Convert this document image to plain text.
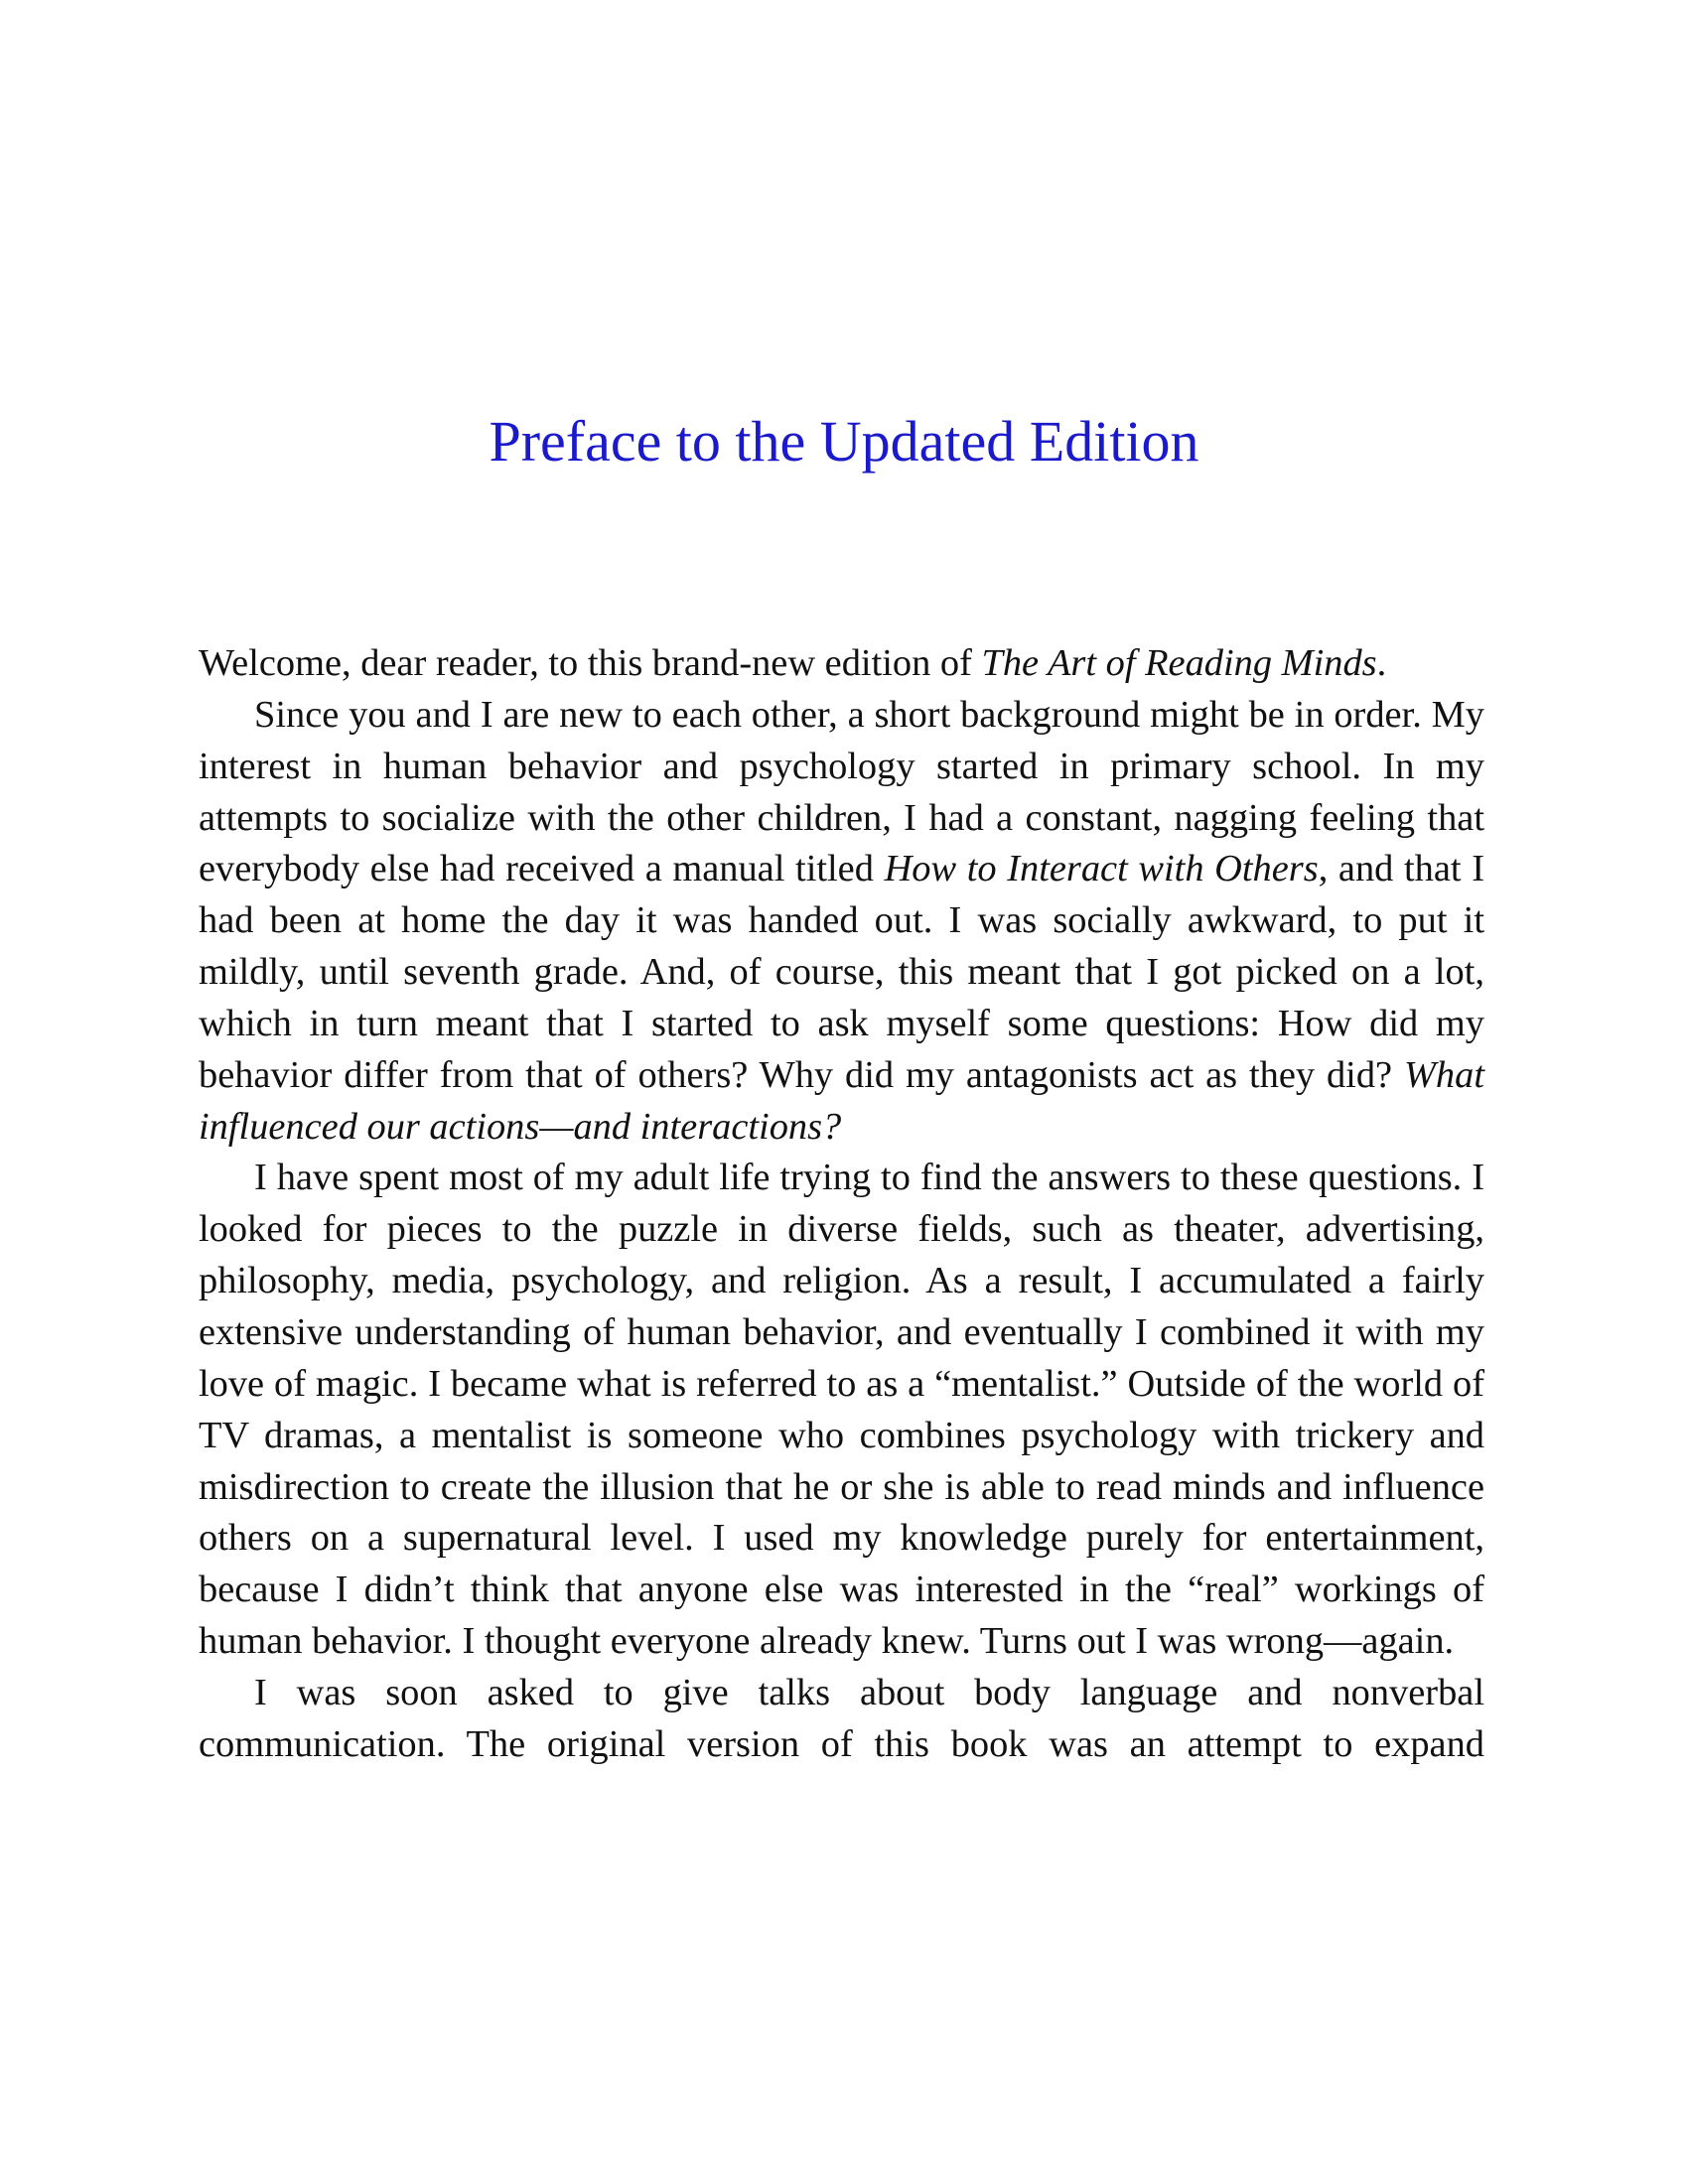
Preface to the Updated Edition

Welcome, dear reader, to this brand-new edition of The Art of Reading Minds.

Since you and I are new to each other, a short background might be in order. My interest in human behavior and psychology started in primary school. In my attempts to socialize with the other children, I had a constant, nagging feeling that everybody else had received a manual titled How to Interact with Others, and that I had been at home the day it was handed out. I was socially awkward, to put it mildly, until seventh grade. And, of course, this meant that I got picked on a lot, which in turn meant that I started to ask myself some questions: How did my behavior differ from that of others? Why did my antagonists act as they did? What influenced our actions—and interactions?

I have spent most of my adult life trying to find the answers to these questions. I looked for pieces to the puzzle in diverse fields, such as theater, advertising, philosophy, media, psychology, and religion. As a result, I accumulated a fairly extensive understanding of human behavior, and eventually I combined it with my love of magic. I became what is referred to as a “mentalist.” Outside of the world of TV dramas, a mentalist is someone who combines psychology with trickery and misdirection to create the illusion that he or she is able to read minds and influence others on a supernatural level. I used my knowledge purely for entertainment, because I didn’t think that anyone else was interested in the “real” workings of human behavior. I thought everyone already knew. Turns out I was wrong—again.

I was soon asked to give talks about body language and nonverbal communication. The original version of this book was an attempt to expand
